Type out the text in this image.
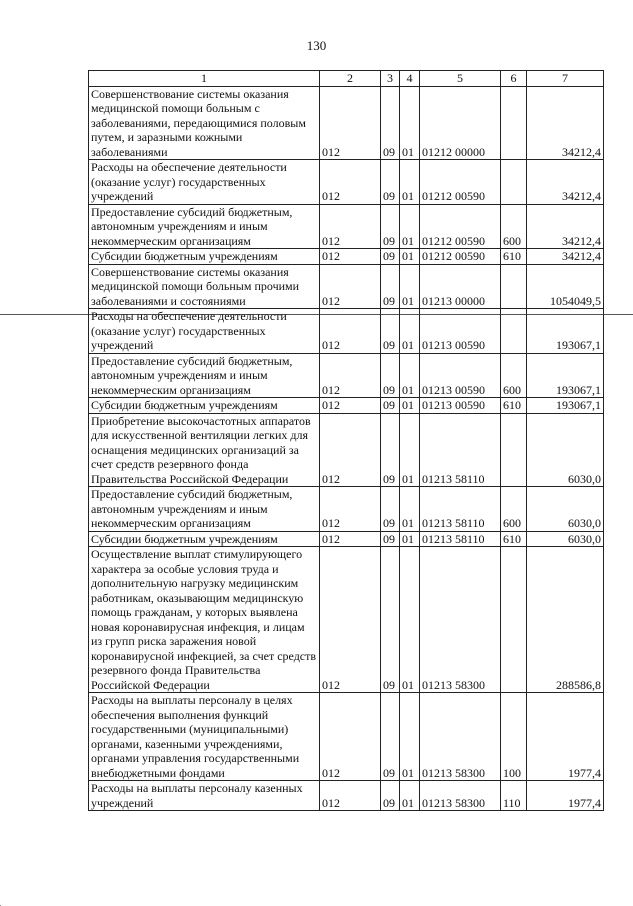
130
1	2	3	4	5	6	7
Совершенствование системы оказания медицинской помощи больным с заболеваниями, передающимися половым путем, и заразными кожными заболеваниями	012	09	01	01212 00000		34212,4
Расходы на обеспечение деятельности (оказание услуг) государственных учреждений	012	09	01	01212 00590		34212,4
Предоставление субсидий бюджетным, автономным учреждениям и иным некоммерческим организациям	012	09	01	01212 00590	600	34212,4
Субсидии бюджетным учреждениям	012	09	01	01212 00590	610	34212,4
Совершенствование системы оказания медицинской помощи больным прочими заболеваниями и состояниями	012	09	01	01213 00000		1054049,5
Расходы на обеспечение деятельности (оказание услуг) государственных учреждений	012	09	01	01213 00590		193067,1
Предоставление субсидий бюджетным, автономным учреждениям и иным некоммерческим организациям	012	09	01	01213 00590	600	193067,1
Субсидии бюджетным учреждениям	012	09	01	01213 00590	610	193067,1
Приобретение высокочастотных аппаратов для искусственной вентиляции легких для оснащения медицинских организаций за счет средств резервного фонда Правительства Российской Федерации	012	09	01	01213 58110		6030,0
Предоставление субсидий бюджетным, автономным учреждениям и иным некоммерческим организациям	012	09	01	01213 58110	600	6030,0
Субсидии бюджетным учреждениям	012	09	01	01213 58110	610	6030,0
Осуществление выплат стимулирующего характера за особые условия труда и дополнительную нагрузку медицинским работникам, оказывающим медицинскую помощь гражданам, у которых выявлена новая коронавирусная инфекция, и лицам из групп риска заражения новой коронавирусной инфекцией, за счет средств резервного фонда Правительства Российской Федерации	012	09	01	01213 58300		288586,8
Расходы на выплаты персоналу в целях обеспечения выполнения функций государственными (муниципальными) органами, казенными учреждениями, органами управления государственными внебюджетными фондами	012	09	01	01213 58300	100	1977,4
Расходы на выплаты персоналу казенных учреждений	012	09	01	01213 58300	110	1977,4
